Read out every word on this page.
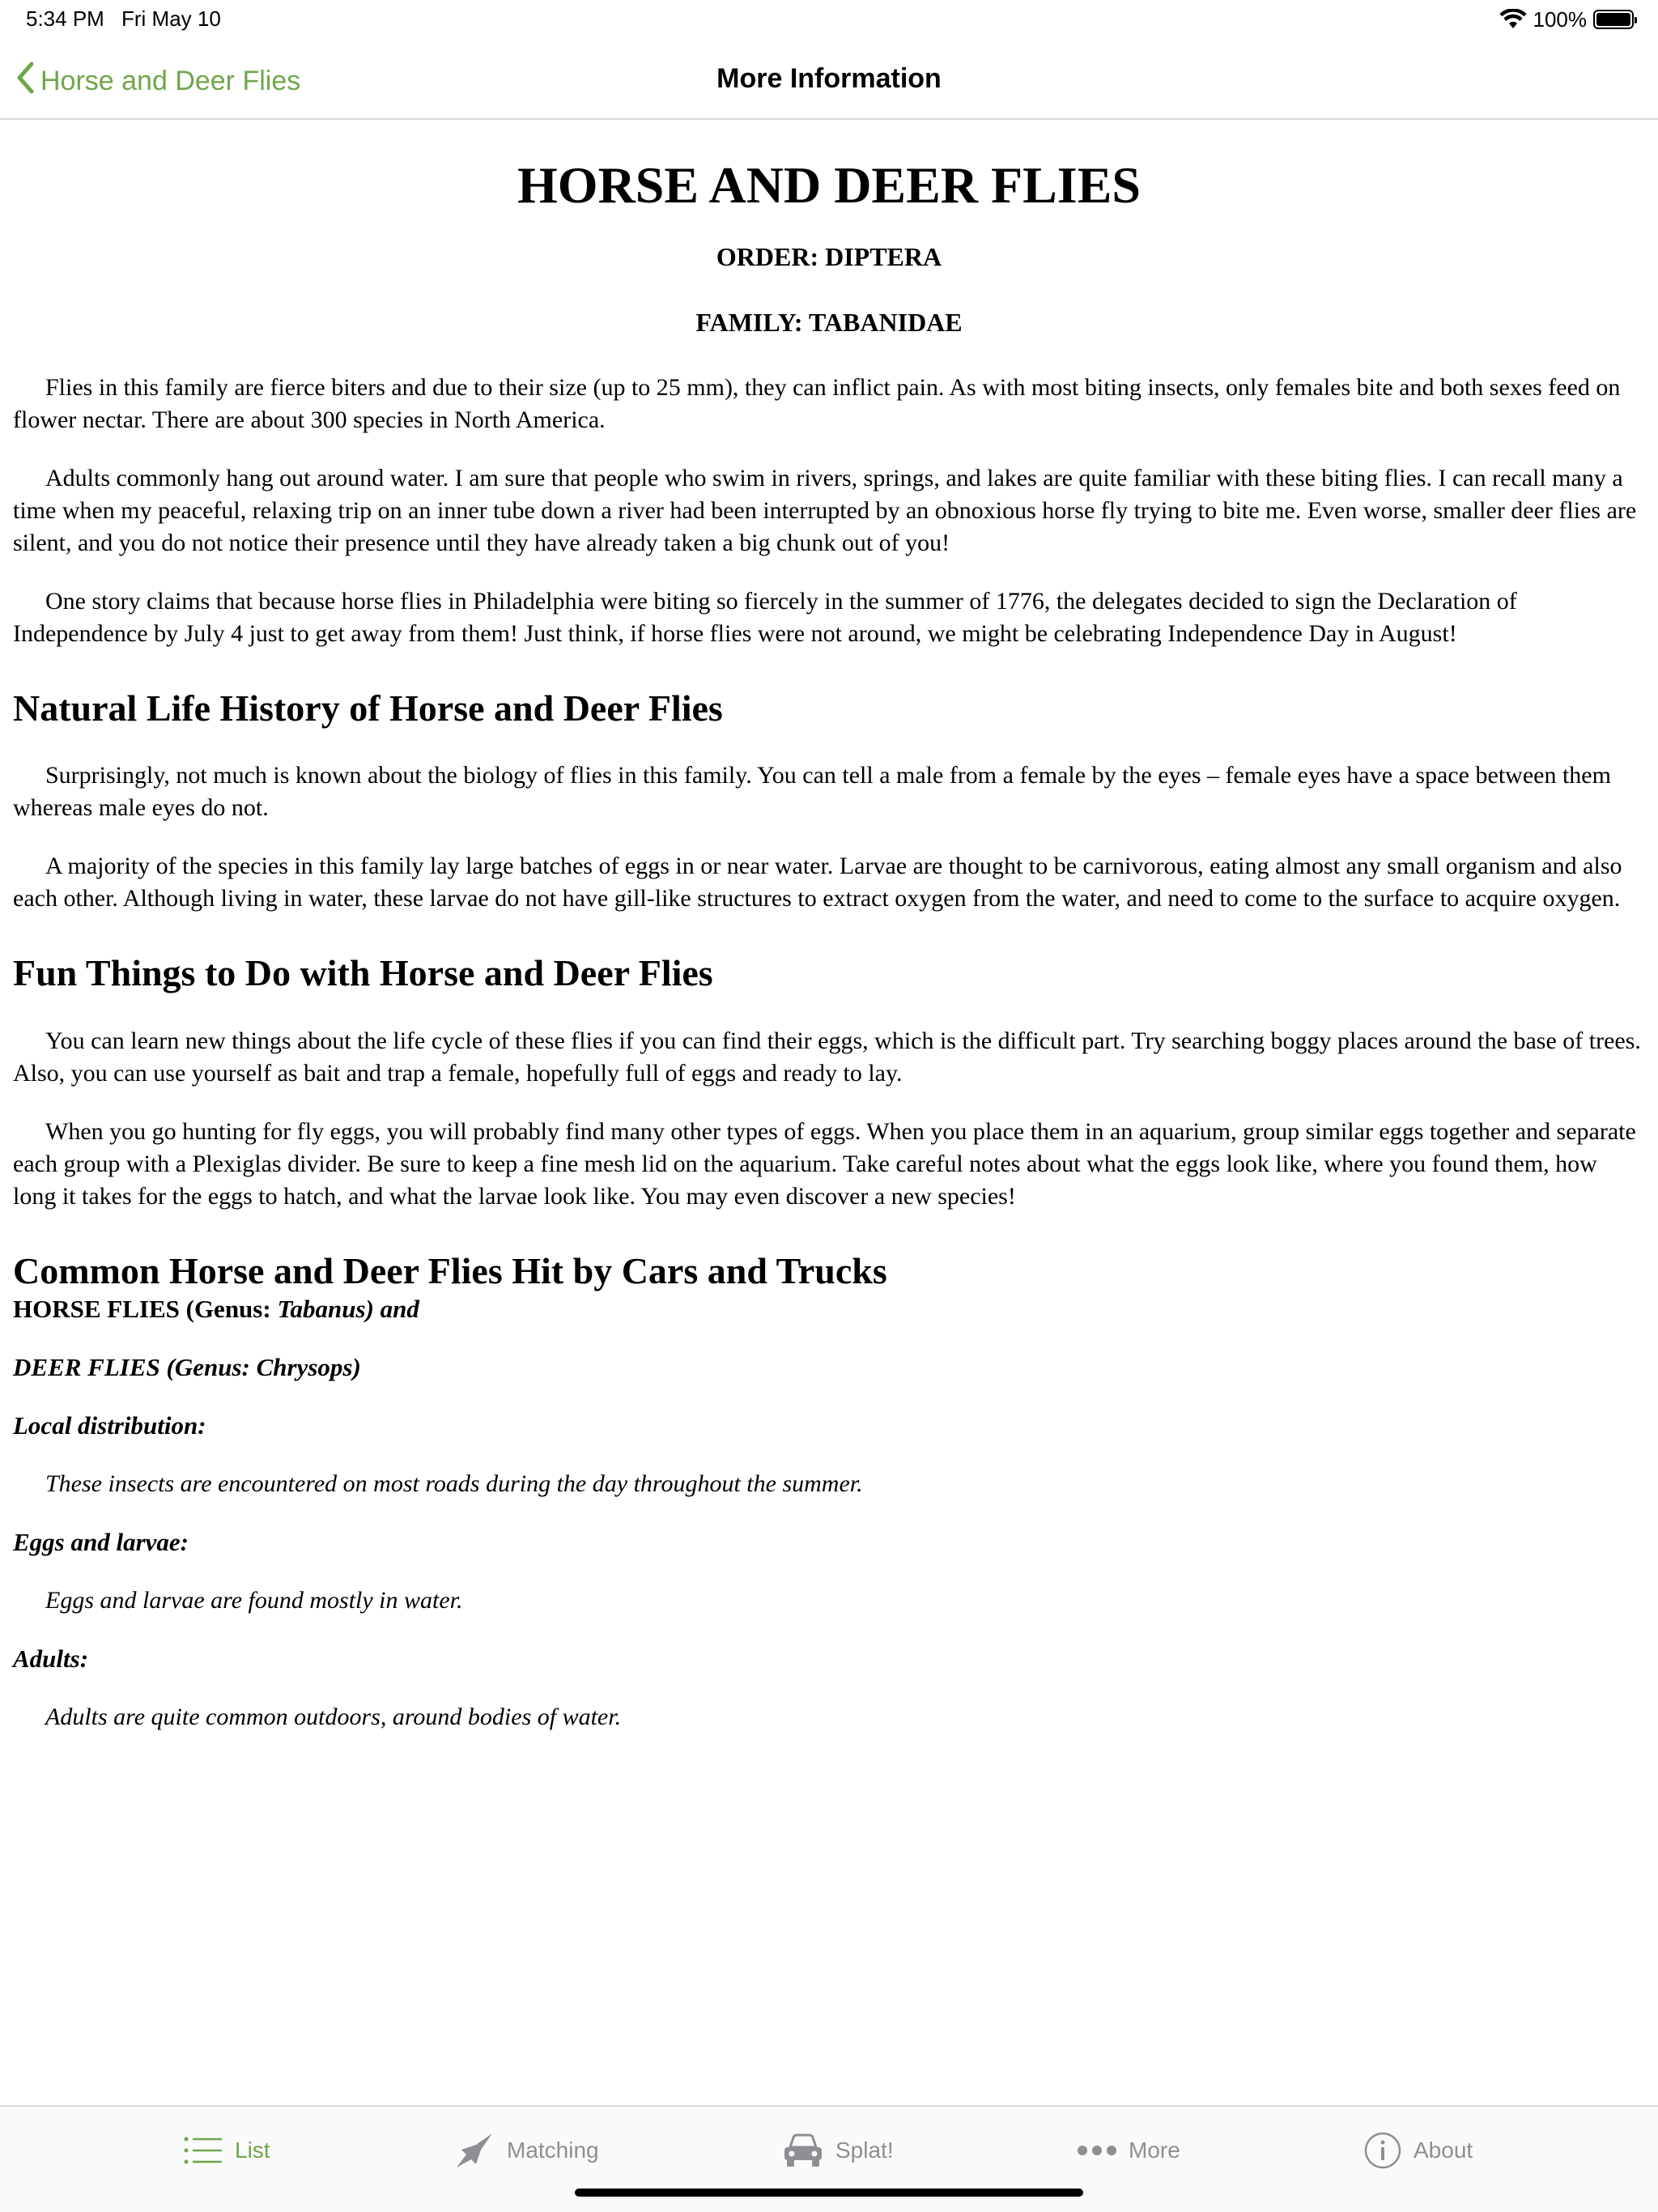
5:34 PM Fri May 10	100%
Horse and Deer Flies	More Information
HORSE AND DEER FLIES

ORDER: DIPTERA

FAMILY: TABANIDAE

Flies in this family are fierce biters and due to their size (up to 25 mm), they can inflict pain. As with most biting insects, only females bite and both sexes feed on flower nectar. There are about 300 species in North America.

Adults commonly hang out around water. I am sure that people who swim in rivers, springs, and lakes are quite familiar with these biting flies. I can recall many a time when my peaceful, relaxing trip on an inner tube down a river had been interrupted by an obnoxious horse fly trying to bite me. Even worse, smaller deer flies are silent, and you do not notice their presence until they have already taken a big chunk out of you!

One story claims that because horse flies in Philadelphia were biting so fiercely in the summer of 1776, the delegates decided to sign the Declaration of Independence by July 4 just to get away from them! Just think, if horse flies were not around, we might be celebrating Independence Day in August!

Natural Life History of Horse and Deer Flies

Surprisingly, not much is known about the biology of flies in this family. You can tell a male from a female by the eyes – female eyes have a space between them whereas male eyes do not.

A majority of the species in this family lay large batches of eggs in or near water. Larvae are thought to be carnivorous, eating almost any small organism and also each other. Although living in water, these larvae do not have gill-like structures to extract oxygen from the water, and need to come to the surface to acquire oxygen.

Fun Things to Do with Horse and Deer Flies

You can learn new things about the life cycle of these flies if you can find their eggs, which is the difficult part. Try searching boggy places around the base of trees. Also, you can use yourself as bait and trap a female, hopefully full of eggs and ready to lay.

When you go hunting for fly eggs, you will probably find many other types of eggs. When you place them in an aquarium, group similar eggs together and separate each group with a Plexiglas divider. Be sure to keep a fine mesh lid on the aquarium. Take careful notes about what the eggs look like, where you found them, how long it takes for the eggs to hatch, and what the larvae look like. You may even discover a new species!

Common Horse and Deer Flies Hit by Cars and Trucks

HORSE FLIES (Genus: Tabanus) and

DEER FLIES (Genus: Chrysops)

Local distribution:

These insects are encountered on most roads during the day throughout the summer.

Eggs and larvae:

Eggs and larvae are found mostly in water.

Adults:

Adults are quite common outdoors, around bodies of water.

List	Matching	Splat!	More	About
